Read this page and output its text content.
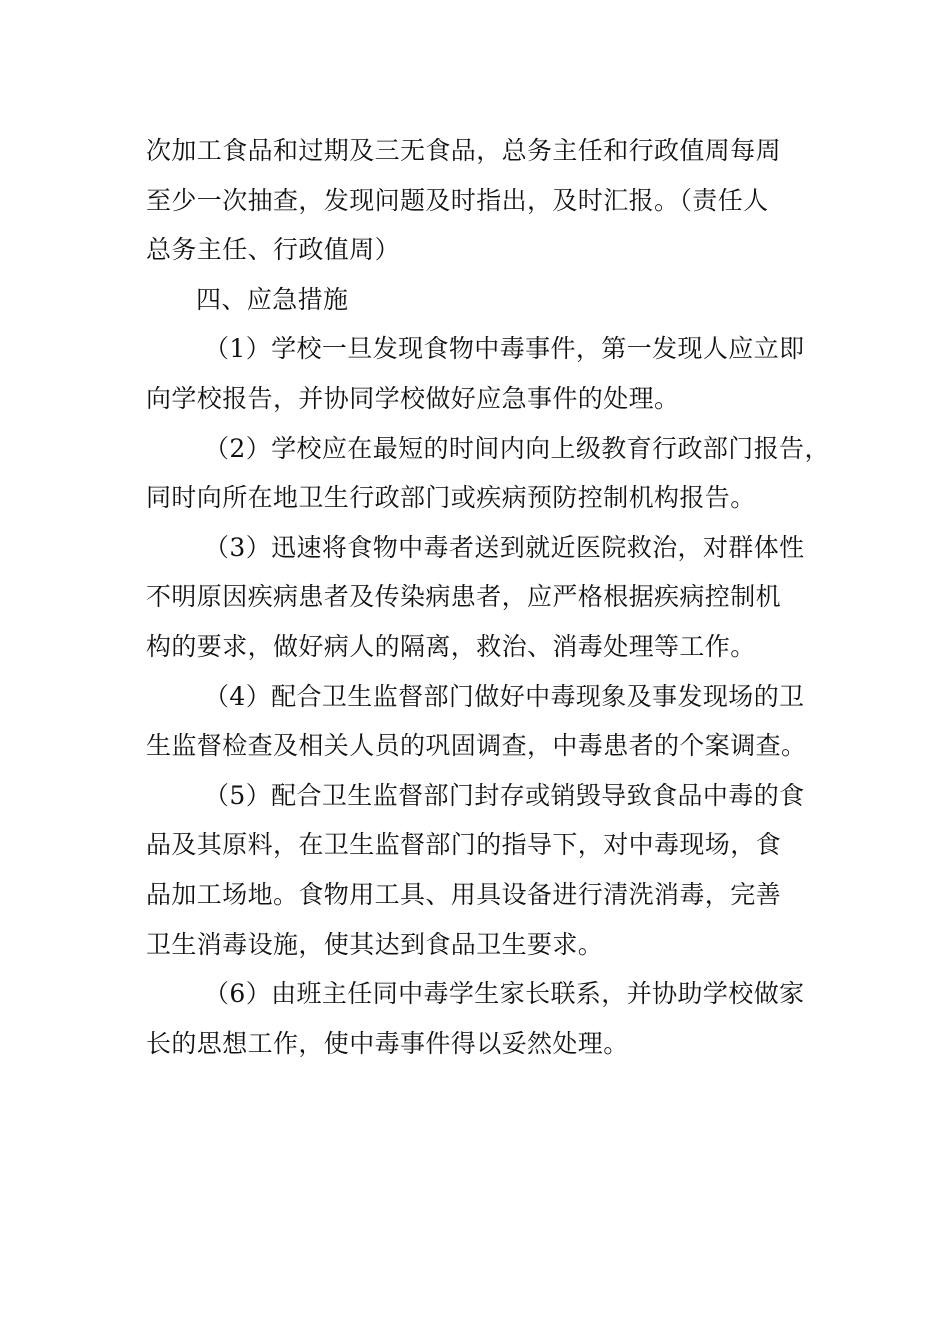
次加工食品和过期及三无食品，总务主任和行政值周每周
至少一次抽查，发现问题及时指出，及时汇报。（责任人
总务主任、行政值周）
四、应急措施
（1）学校一旦发现食物中毒事件，第一发现人应立即
向学校报告，并协同学校做好应急事件的处理。
（2）学校应在最短的时间内向上级教育行政部门报告，
同时向所在地卫生行政部门或疾病预防控制机构报告。
（3）迅速将食物中毒者送到就近医院救治，对群体性
不明原因疾病患者及传染病患者，应严格根据疾病控制机
构的要求，做好病人的隔离，救治、消毒处理等工作。
（4）配合卫生监督部门做好中毒现象及事发现场的卫
生监督检查及相关人员的巩固调查，中毒患者的个案调查。
（5）配合卫生监督部门封存或销毁导致食品中毒的食
品及其原料，在卫生监督部门的指导下，对中毒现场，食
品加工场地。食物用工具、用具设备进行清洗消毒，完善
卫生消毒设施，使其达到食品卫生要求。
（6）由班主任同中毒学生家长联系，并协助学校做家
长的思想工作，使中毒事件得以妥然处理。
